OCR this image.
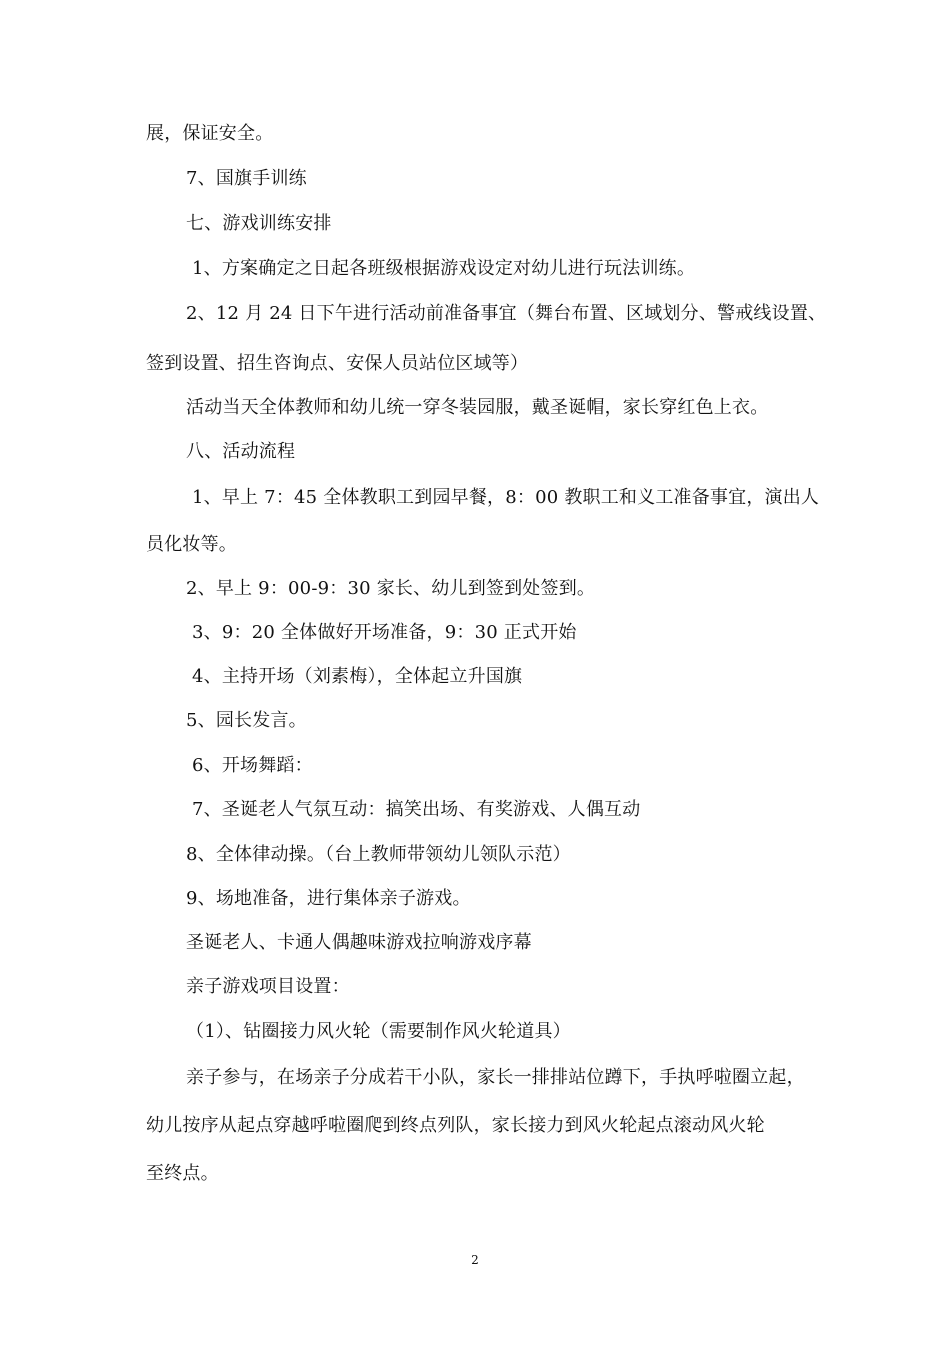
展，保证安全。
7、国旗手训练
七、游戏训练安排
1、方案确定之日起各班级根据游戏设定对幼儿进行玩法训练。
2、12 月 24 日下午进行活动前准备事宜（舞台布置、区域划分、警戒线设置、
签到设置、招生咨询点、安保人员站位区域等）
活动当天全体教师和幼儿统一穿冬装园服，戴圣诞帽，家长穿红色上衣。
八、活动流程
1、早上 7：45 全体教职工到园早餐，8：00 教职工和义工准备事宜，演出人
员化妆等。
2、早上 9：00-9：30 家长、幼儿到签到处签到。
3、9：20 全体做好开场准备，9：30 正式开始
4、主持开场（刘素梅），全体起立升国旗
5、园长发言。
6、开场舞蹈：
7、圣诞老人气氛互动：搞笑出场、有奖游戏、人偶互动
8、全体律动操。（台上教师带领幼儿领队示范）
9、场地准备，进行集体亲子游戏。
圣诞老人、卡通人偶趣味游戏拉响游戏序幕
亲子游戏项目设置：
（1）、钻圈接力风火轮（需要制作风火轮道具）
亲子参与，在场亲子分成若干小队，家长一排排站位蹲下，手执呼啦圈立起，
幼儿按序从起点穿越呼啦圈爬到终点列队，家长接力到风火轮起点滚动风火轮
至终点。
2
